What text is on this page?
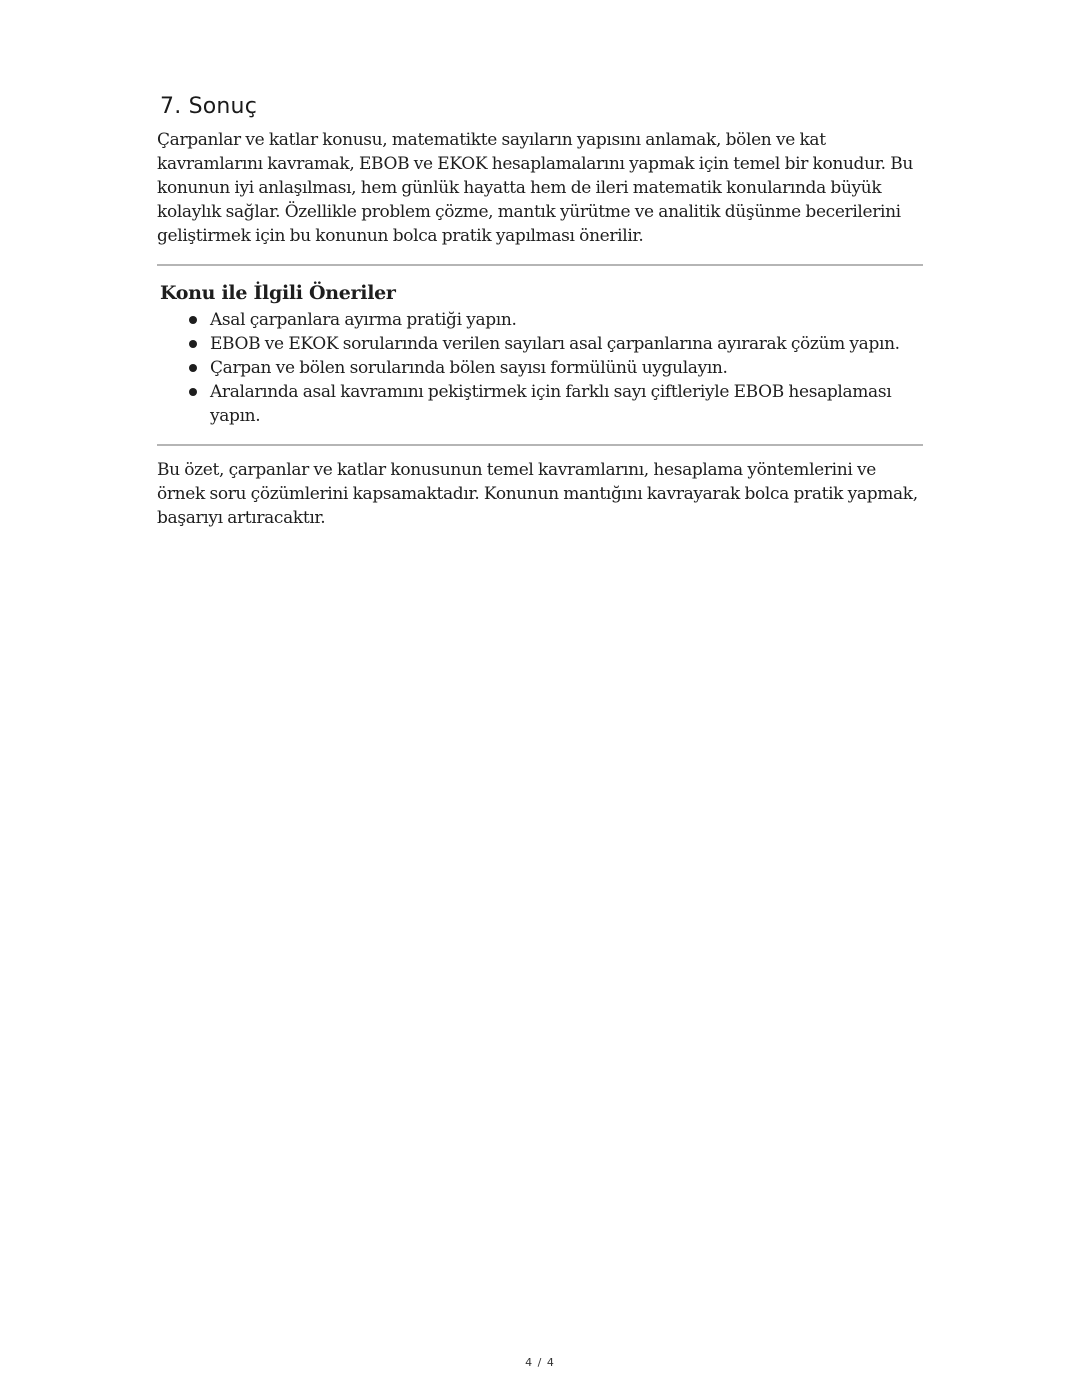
7. Sonuç

Çarpanlar ve katlar konusu, matematikte sayıların yapısını anlamak, bölen ve kat kavramlarını kavramak, EBOB ve EKOK hesaplamalarını yapmak için temel bir konudur. Bu konunun iyi anlaşılması, hem günlük hayatta hem de ileri matematik konularında büyük kolaylık sağlar. Özellikle problem çözme, mantık yürütme ve analitik düşünme becerilerini geliştirmek için bu konunun bolca pratik yapılması önerilir.

Konu ile İlgili Öneriler
Asal çarpanlara ayırma pratiği yapın.
EBOB ve EKOK sorularında verilen sayıları asal çarpanlarına ayırarak çözüm yapın.
Çarpan ve bölen sorularında bölen sayısı formülünü uygulayın.
Aralarında asal kavramını pekiştirmek için farklı sayı çiftleriyle EBOB hesaplaması yapın.

Bu özet, çarpanlar ve katlar konusunun temel kavramlarını, hesaplama yöntemlerini ve örnek soru çözümlerini kapsamaktadır. Konunun mantığını kavrayarak bolca pratik yapmak, başarıyı artıracaktır.

4 / 4
